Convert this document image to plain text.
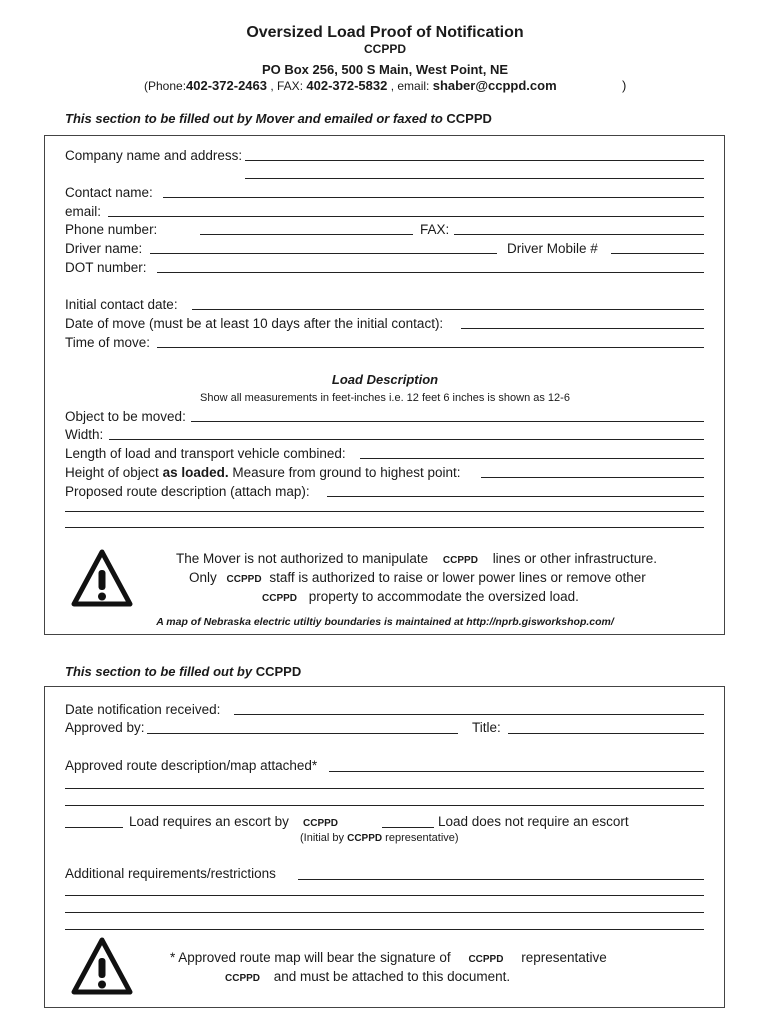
Oversized Load Proof of Notification
CCPPD
PO Box 256, 500 S Main, West Point, NE
(Phone:402-372-2463 , FAX: 402-372-5832 , email: shaber@ccppd.com	)
This section to be filled out by Mover and emailed or faxed to CCPPD
Company name and address:
Contact name:
email:
Phone number:	FAX:
Driver name:	Driver Mobile #
DOT number:
Initial contact date:
Date of move (must be at least 10 days after the initial contact):
Time of move:
Load Description
Show all measurements in feet-inches i.e. 12 feet 6 inches is shown as 12-6
Object to be moved:
Width:
Length of load and transport vehicle combined:
Height of object as loaded. Measure from ground to highest point:
Proposed route description (attach map):
The Mover is not authorized to manipulate CCPPD lines or other infrastructure.
Only CCPPD staff is authorized to raise or lower power lines or remove other
CCPPD property to accommodate the oversized load.
A map of Nebraska electric utiltiy boundaries is maintained at http://nprb.gisworkshop.com/
This section to be filled out by CCPPD
Date notification received:
Approved by:	Title:
Approved route description/map attached*
Load requires an escort by CCPPD	Load does not require an escort
(Initial by CCPPD representative)
Additional requirements/restrictions
* Approved route map will bear the signature of CCPPD representative
CCPPD and must be attached to this document.
